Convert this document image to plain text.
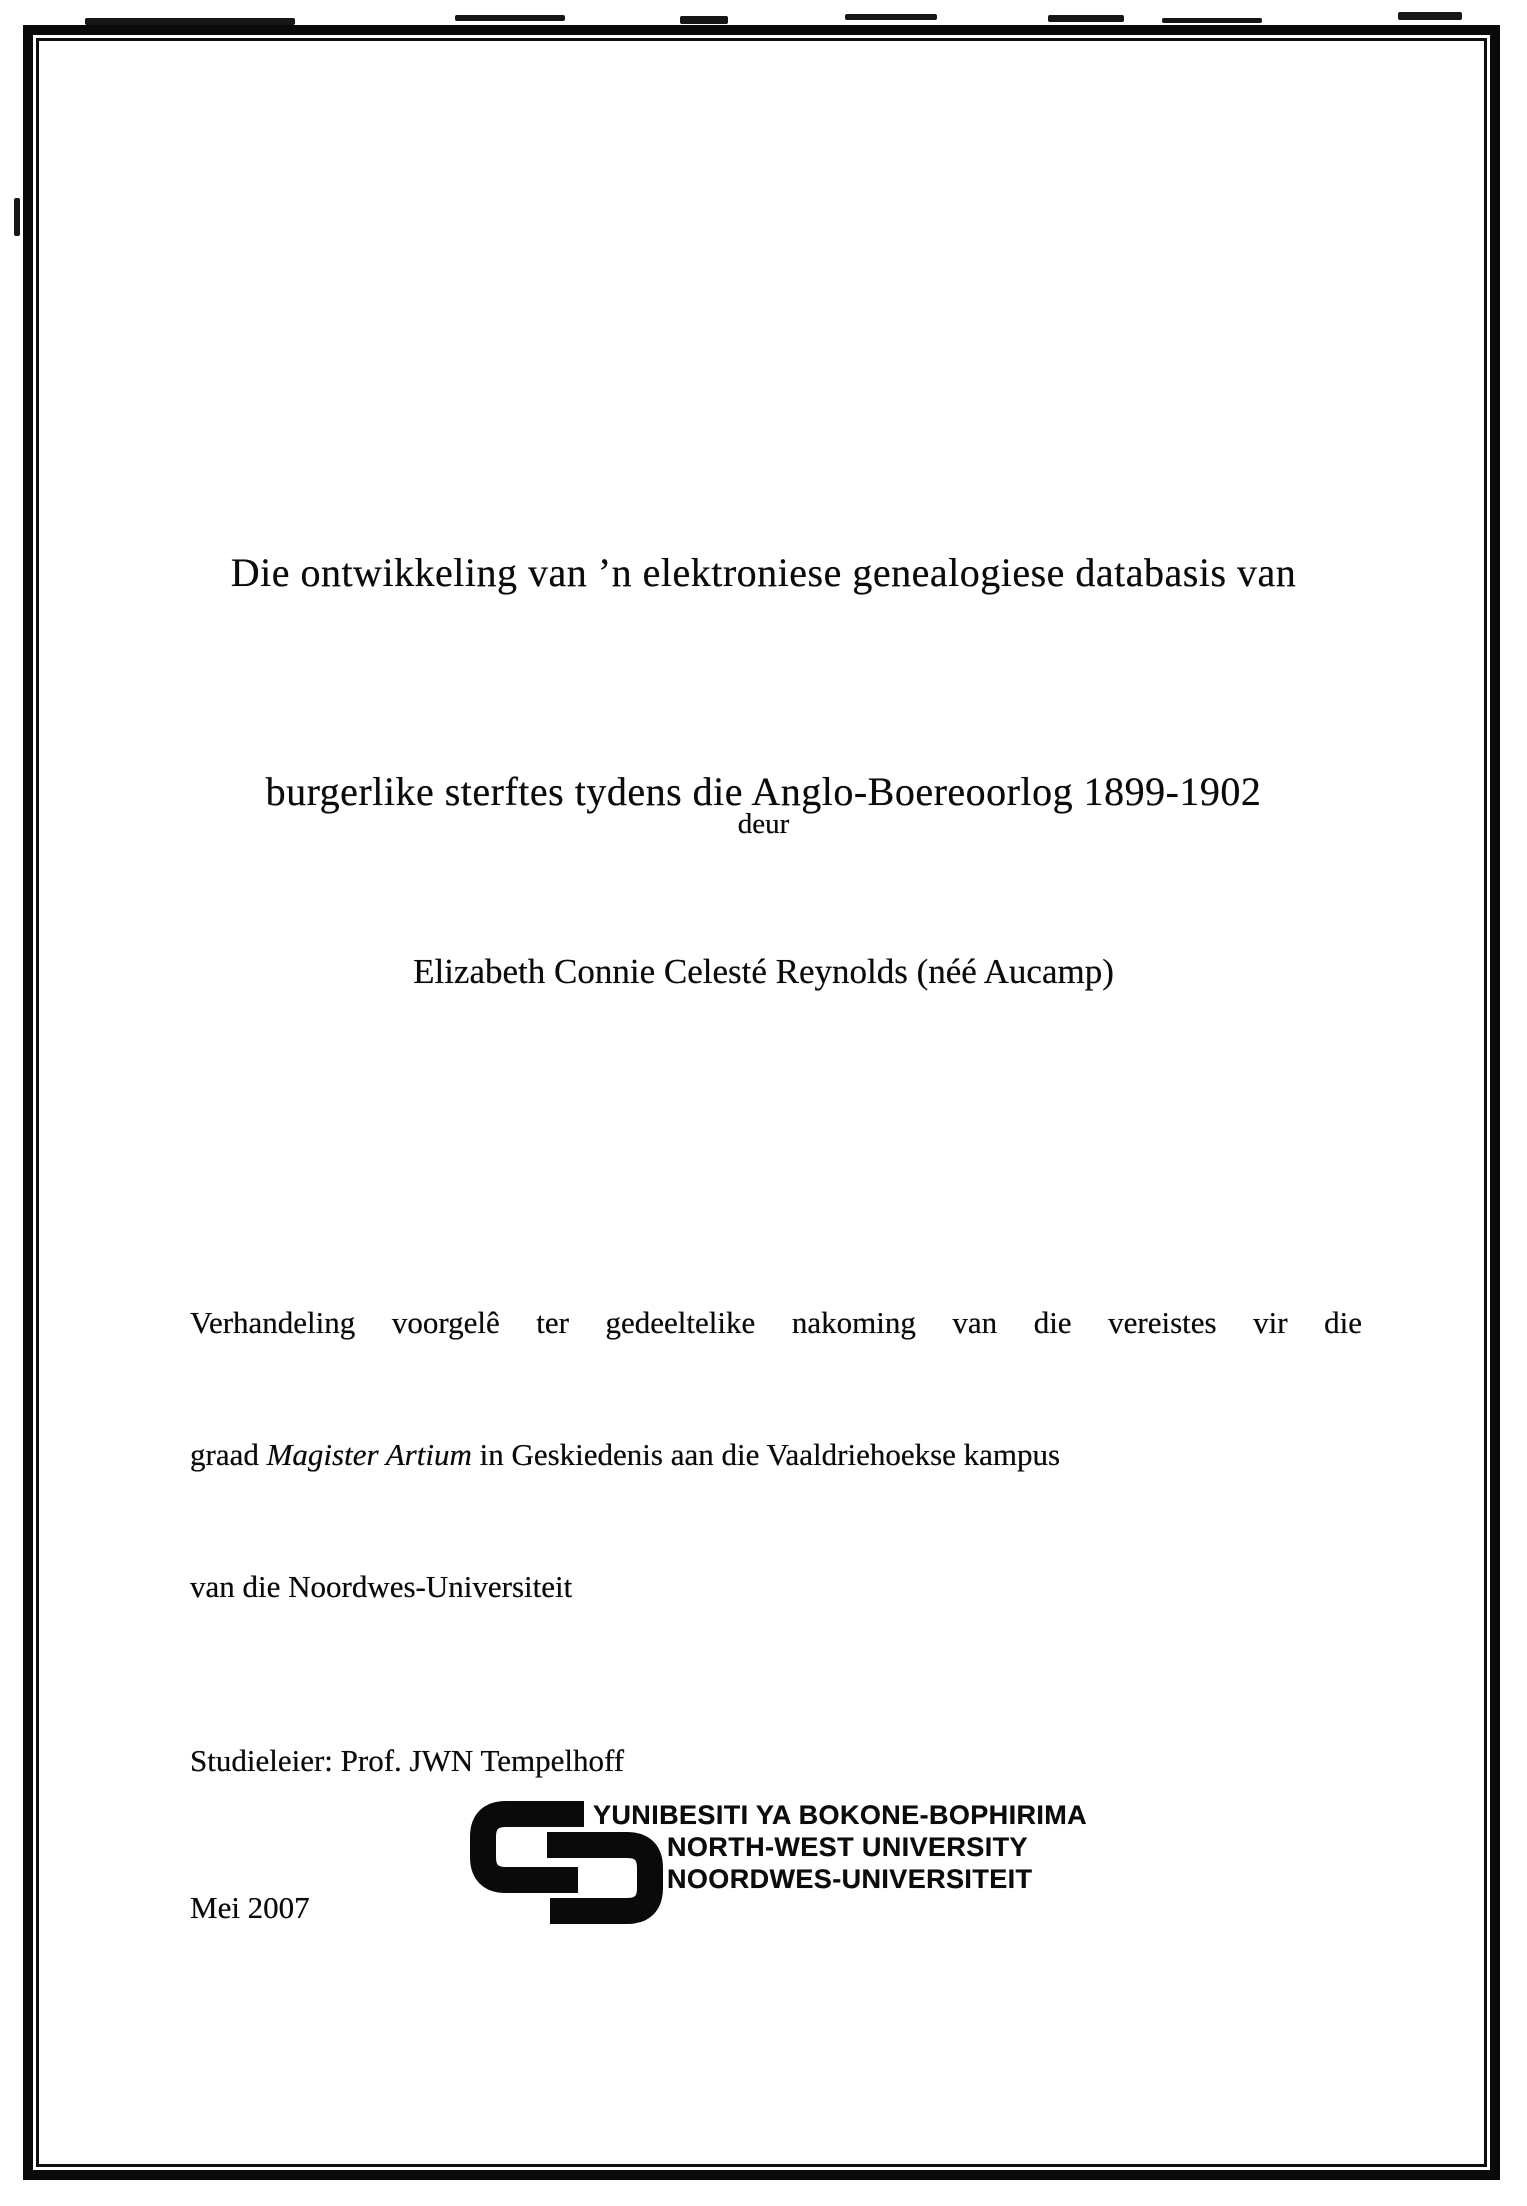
Die ontwikkeling van ’n elektroniese genealogiese databasis van

burgerlike sterftes tydens die Anglo-Boereoorlog 1899-1902

deur
Elizabeth Connie Celesté Reynolds (néé Aucamp)

Verhandeling voorgelê ter gedeeltelike nakoming van die vereistes vir die

graad Magister Artium in Geskiedenis aan die Vaaldriehoekse kampus

van die Noordwes-Universiteit

Studieleier: Prof. JWN Tempelhoff

Mei 2007

YUNIBESITI YA BOKONE-BOPHIRIMA
NORTH-WEST UNIVERSITY
NOORDWES-UNIVERSITEIT
